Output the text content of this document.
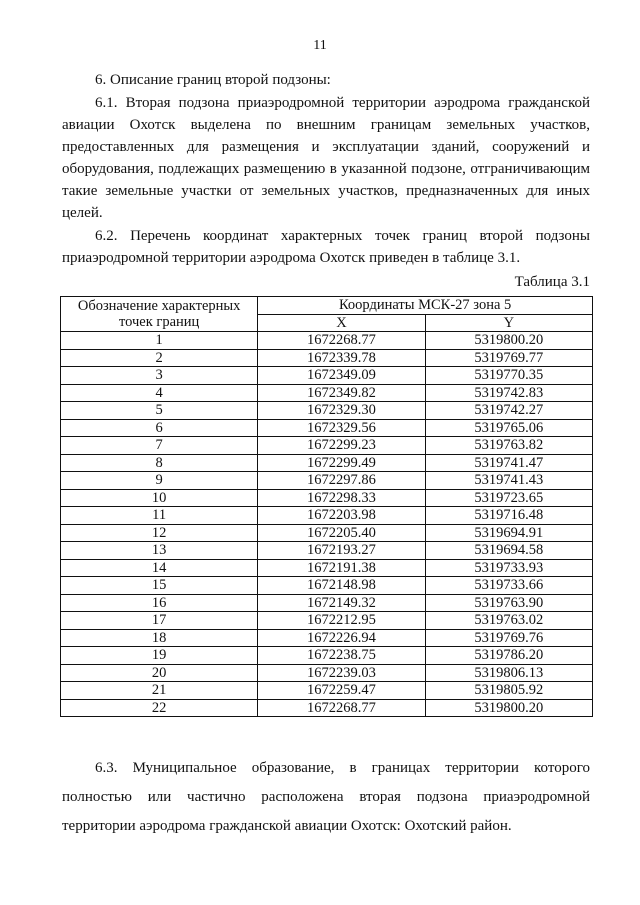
11
6. Описание границ второй подзоны:
6.1. Вторая подзона приаэродромной территории аэродрома гражданской авиации Охотск выделена по внешним границам земельных участков, предоставленных для размещения и эксплуатации зданий, сооружений и оборудования, подлежащих размещению в указанной подзоне, отграничивающим такие земельные участки от земельных участков, предназначенных для иных целей.
6.2. Перечень координат характерных точек границ второй подзоны приаэродромной территории аэродрома Охотск приведен в таблице 3.1.
Таблица 3.1
Обозначение характерных точек границ	Координаты МСК-27 зона 5	
	X	Y
1	1672268.77	5319800.20
2	1672339.78	5319769.77
3	1672349.09	5319770.35
4	1672349.82	5319742.83
5	1672329.30	5319742.27
6	1672329.56	5319765.06
7	1672299.23	5319763.82
8	1672299.49	5319741.47
9	1672297.86	5319741.43
10	1672298.33	5319723.65
11	1672203.98	5319716.48
12	1672205.40	5319694.91
13	1672193.27	5319694.58
14	1672191.38	5319733.93
15	1672148.98	5319733.66
16	1672149.32	5319763.90
17	1672212.95	5319763.02
18	1672226.94	5319769.76
19	1672238.75	5319786.20
20	1672239.03	5319806.13
21	1672259.47	5319805.92
22	1672268.77	5319800.20
6.3. Муниципальное образование, в границах территории которого полностью или частично расположена вторая подзона приаэродромной территории аэродрома гражданской авиации Охотск: Охотский район.
